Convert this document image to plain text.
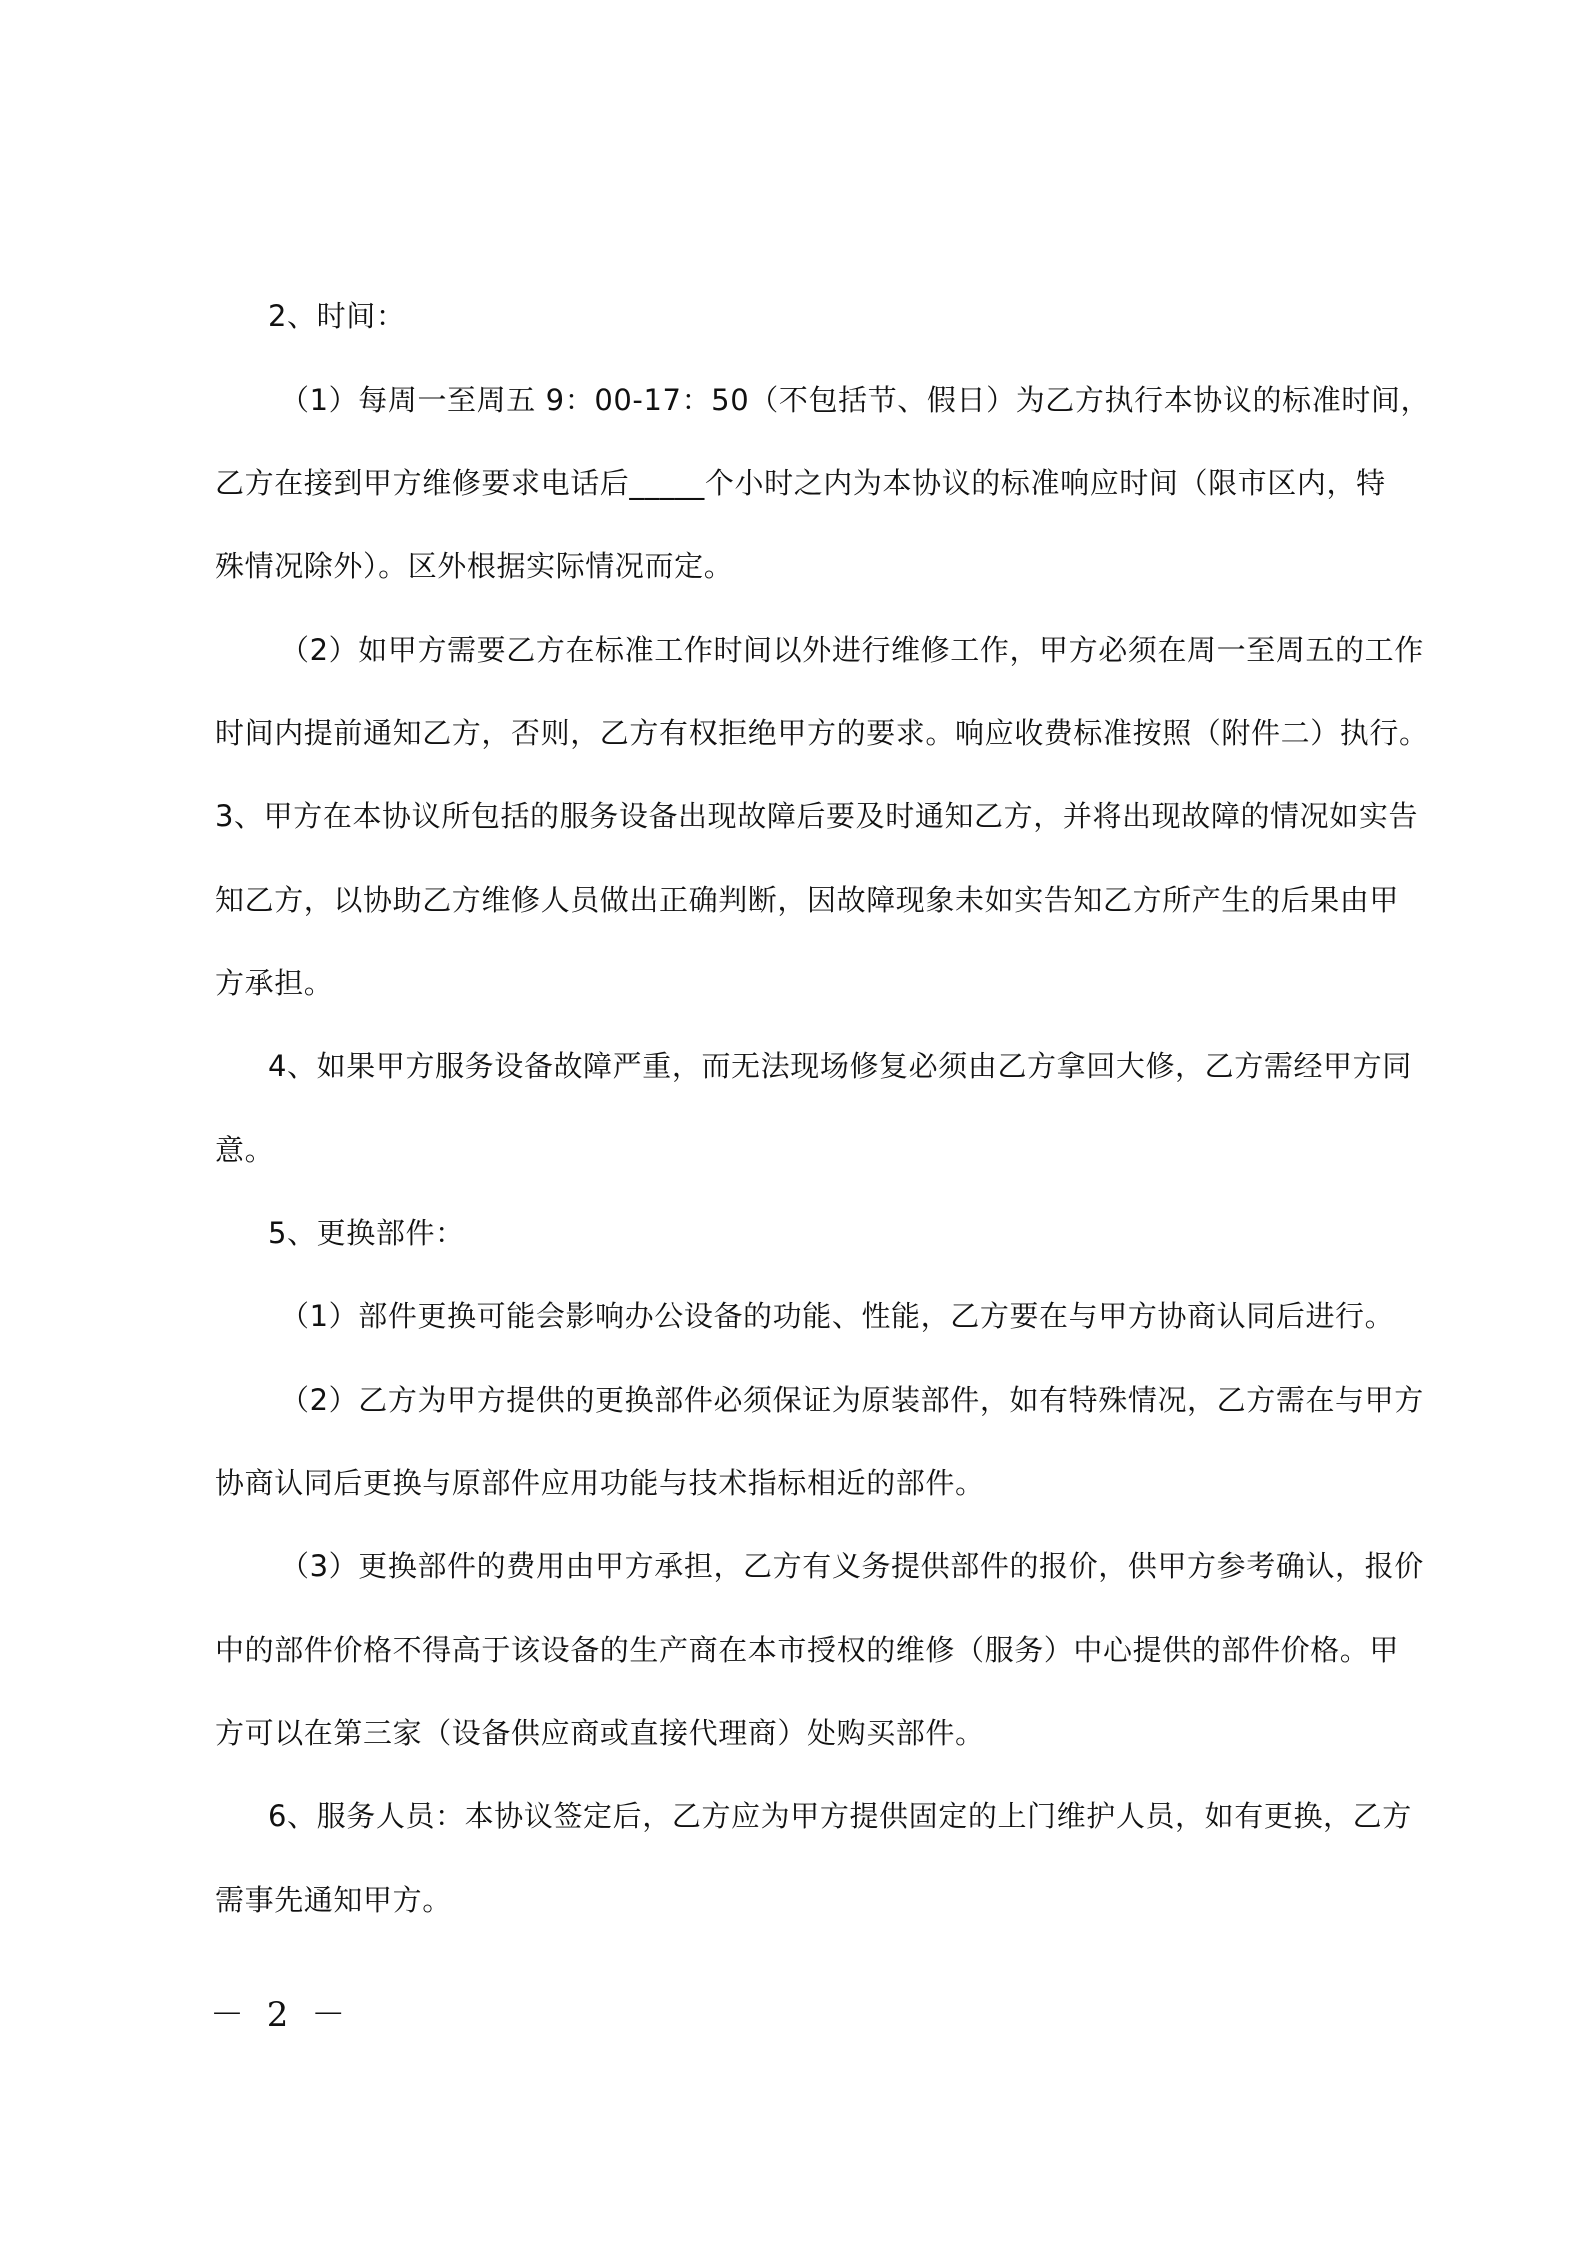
2、时间：
（1）每周一至周五 9：00-17：50（不包括节、假日）为乙方执行本协议的标准时间，
乙方在接到甲方维修要求电话后_____个小时之内为本协议的标准响应时间（限市区内，特
殊情况除外）。区外根据实际情况而定。
（2）如甲方需要乙方在标准工作时间以外进行维修工作，甲方必须在周一至周五的工作
时间内提前通知乙方，否则，乙方有权拒绝甲方的要求。响应收费标准按照（附件二）执行。
3、甲方在本协议所包括的服务设备出现故障后要及时通知乙方，并将出现故障的情况如实告
知乙方，以协助乙方维修人员做出正确判断，因故障现象未如实告知乙方所产生的后果由甲
方承担。
4、如果甲方服务设备故障严重，而无法现场修复必须由乙方拿回大修，乙方需经甲方同
意。
5、更换部件：
（1）部件更换可能会影响办公设备的功能、性能，乙方要在与甲方协商认同后进行。
（2）乙方为甲方提供的更换部件必须保证为原装部件，如有特殊情况，乙方需在与甲方
协商认同后更换与原部件应用功能与技术指标相近的部件。
（3）更换部件的费用由甲方承担，乙方有义务提供部件的报价，供甲方参考确认，报价
中的部件价格不得高于该设备的生产商在本市授权的维修（服务）中心提供的部件价格。甲
方可以在第三家（设备供应商或直接代理商）处购买部件。
6、服务人员：本协议签定后，乙方应为甲方提供固定的上门维护人员，如有更换，乙方
需事先通知甲方。
－ 2 －
